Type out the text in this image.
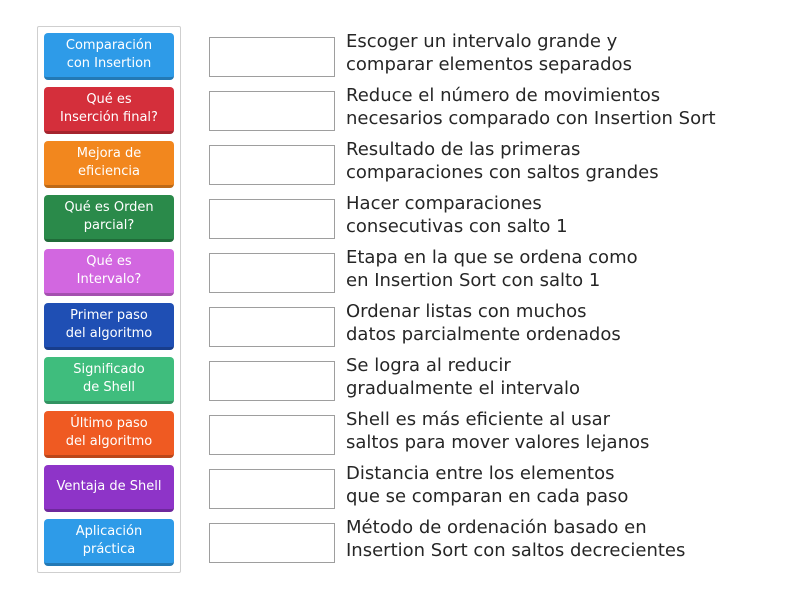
Comparación
con Insertion
Qué es
Inserción final?
Mejora de
eficiencia
Qué es Orden
parcial?
Qué es
Intervalo?
Primer paso
del algoritmo
Significado
de Shell
Último paso
del algoritmo
Ventaja de Shell
Aplicación
práctica
Escoger un intervalo grande y
comparar elementos separados
Reduce el número de movimientos
necesarios comparado con Insertion Sort
Resultado de las primeras
comparaciones con saltos grandes
Hacer comparaciones
consecutivas con salto 1
Etapa en la que se ordena como
en Insertion Sort con salto 1
Ordenar listas con muchos
datos parcialmente ordenados
Se logra al reducir
gradualmente el intervalo
Shell es más eficiente al usar
saltos para mover valores lejanos
Distancia entre los elementos
que se comparan en cada paso
Método de ordenación basado en
Insertion Sort con saltos decrecientes
